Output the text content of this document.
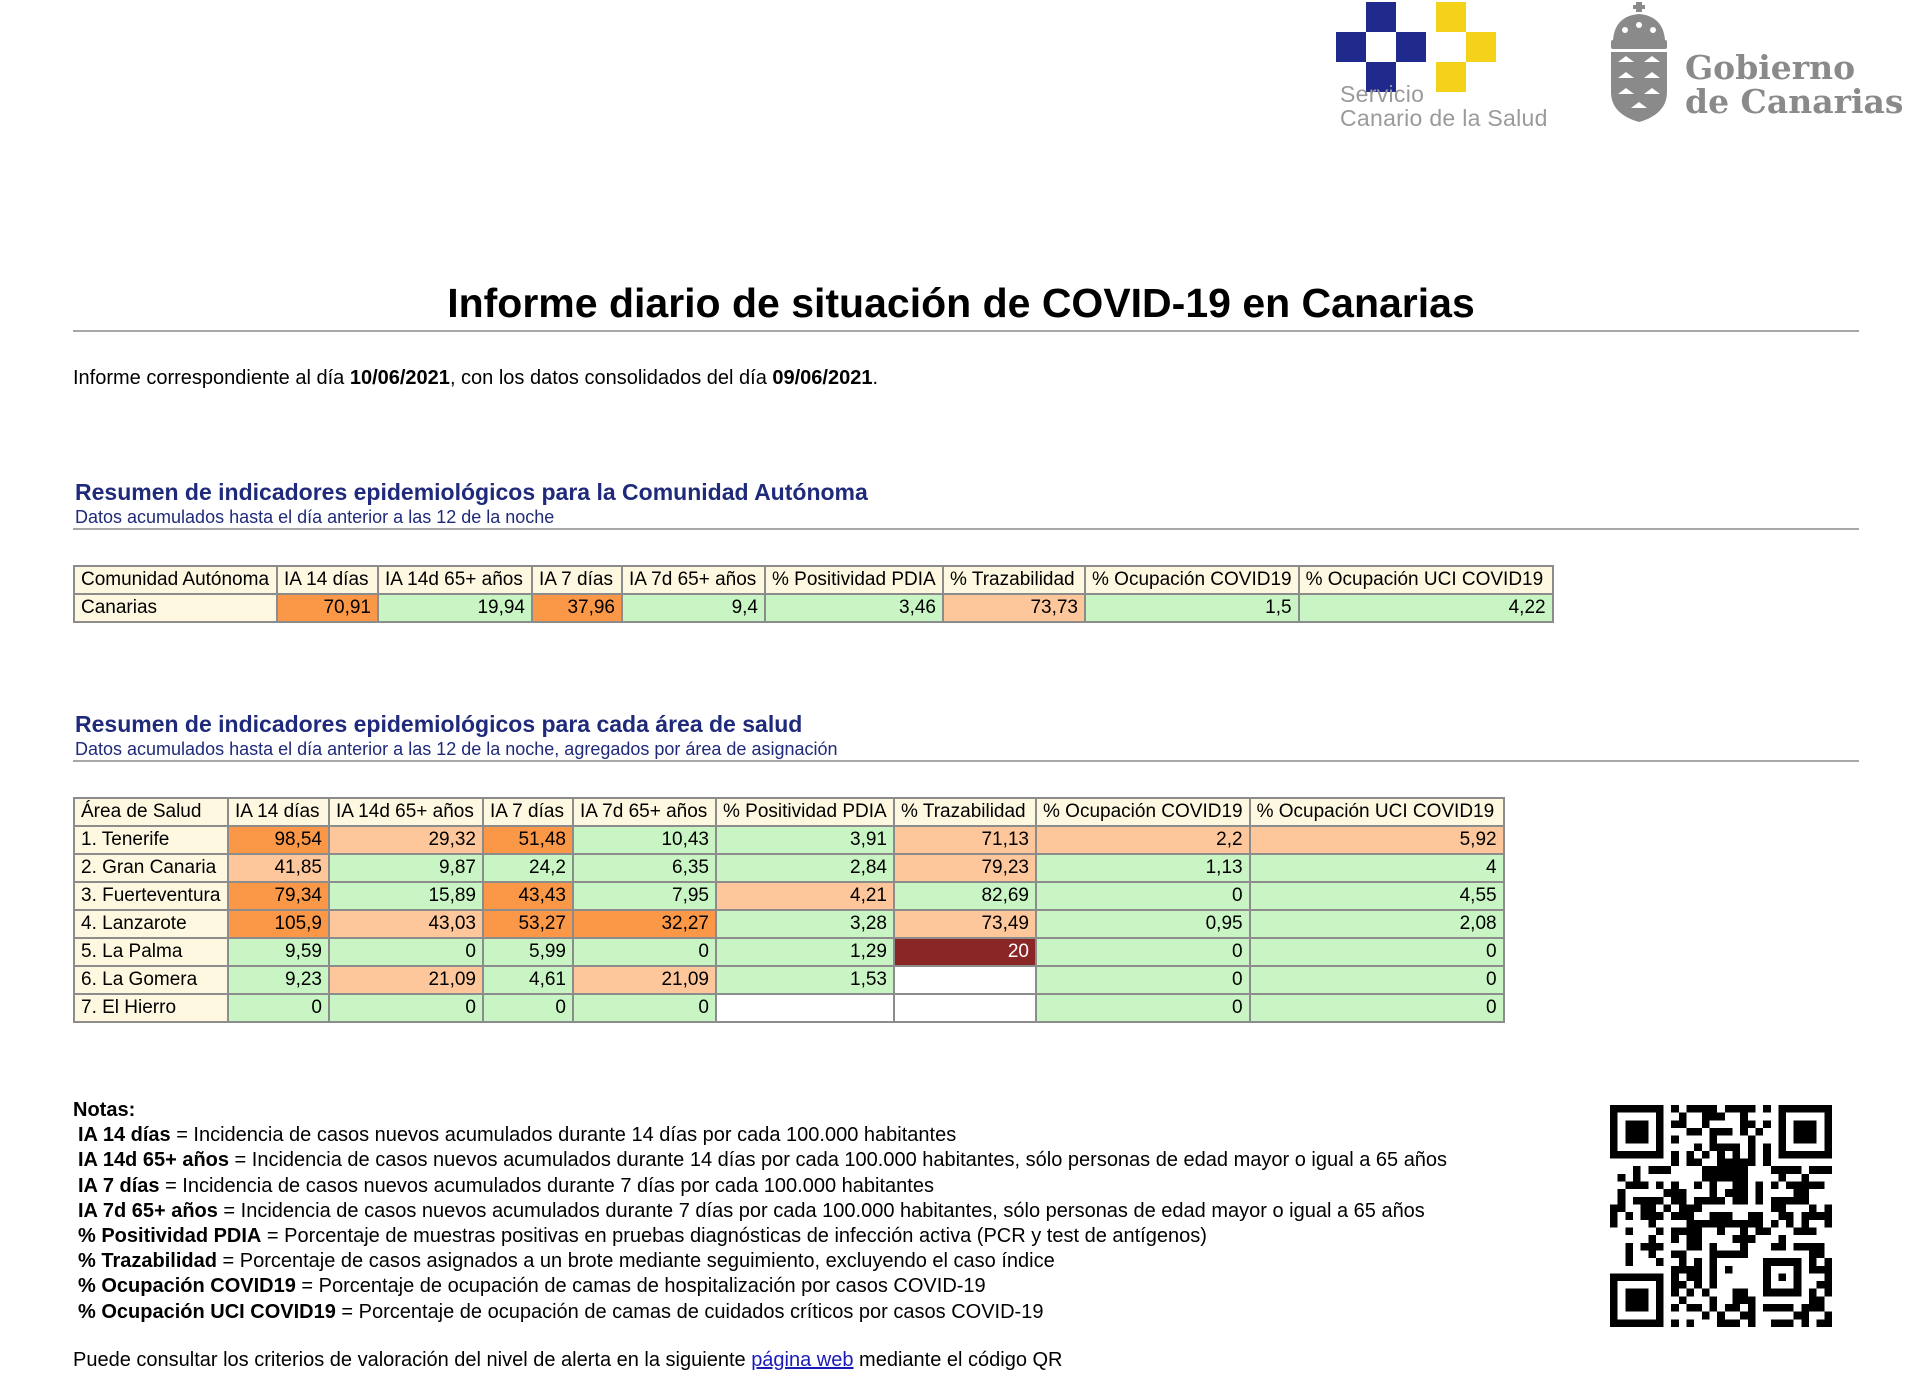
Servicio
Canario de la Salud
Gobierno
de Canarias
Informe diario de situación de COVID-19 en Canarias
Informe correspondiente al día 10/06/2021, con los datos consolidados del día 09/06/2021.
Resumen de indicadores epidemiológicos para la Comunidad Autónoma
Datos acumulados hasta el día anterior a las 12 de la noche
Comunidad Autónoma	IA 14 días	IA 14d 65+ años	IA 7 días	IA 7d 65+ años	% Positividad PDIA	% Trazabilidad	% Ocupación COVID19	% Ocupación UCI COVID19
Canarias	70,91	19,94	37,96	9,4	3,46	73,73	1,5	4,22
Resumen de indicadores epidemiológicos para cada área de salud
Datos acumulados hasta el día anterior a las 12 de la noche, agregados por área de asignación
Área de Salud	IA 14 días	IA 14d 65+ años	IA 7 días	IA 7d 65+ años	% Positividad PDIA	% Trazabilidad	% Ocupación COVID19	% Ocupación UCI COVID19
1. Tenerife	98,54	29,32	51,48	10,43	3,91	71,13	2,2	5,92
2. Gran Canaria	41,85	9,87	24,2	6,35	2,84	79,23	1,13	4
3. Fuerteventura	79,34	15,89	43,43	7,95	4,21	82,69	0	4,55
4. Lanzarote	105,9	43,03	53,27	32,27	3,28	73,49	0,95	2,08
5. La Palma	9,59	0	5,99	0	1,29	20	0	0
6. La Gomera	9,23	21,09	4,61	21,09	1,53		0	0
7. El Hierro	0	0	0	0			0	0
Notas:
IA 14 días = Incidencia de casos nuevos acumulados durante 14 días por cada 100.000 habitantes
IA 14d 65+ años = Incidencia de casos nuevos acumulados durante 14 días por cada 100.000 habitantes, sólo personas de edad mayor o igual a 65 años
IA 7 días = Incidencia de casos nuevos acumulados durante 7 días por cada 100.000 habitantes
IA 7d 65+ años = Incidencia de casos nuevos acumulados durante 7 días por cada 100.000 habitantes, sólo personas de edad mayor o igual a 65 años
% Positividad PDIA = Porcentaje de muestras positivas en pruebas diagnósticas de infección activa (PCR y test de antígenos)
% Trazabilidad = Porcentaje de casos asignados a un brote mediante seguimiento, excluyendo el caso índice
% Ocupación COVID19 = Porcentaje de ocupación de camas de hospitalización por casos COVID-19
% Ocupación UCI COVID19 = Porcentaje de ocupación de camas de cuidados críticos por casos COVID-19
Puede consultar los criterios de valoración del nivel de alerta en la siguiente página web mediante el código QR
